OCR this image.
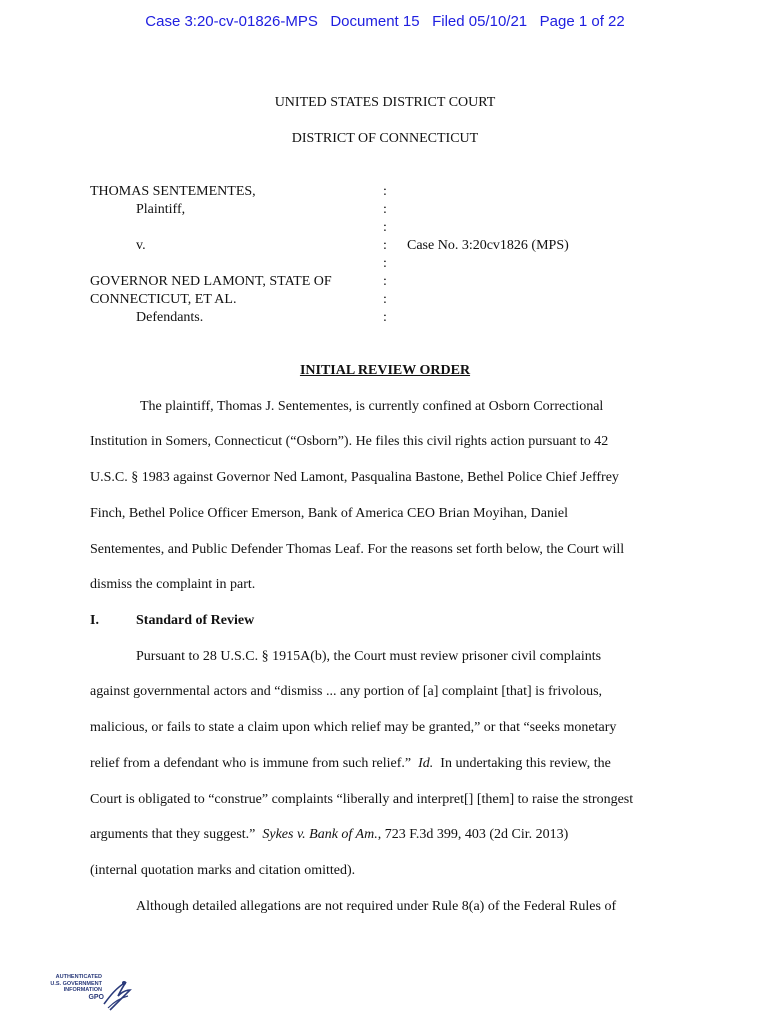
Case 3:20-cv-01826-MPS   Document 15   Filed 05/10/21   Page 1 of 22
UNITED STATES DISTRICT COURT
DISTRICT OF CONNECTICUT
THOMAS SENTEMENTES,
Plaintiff,
v.
GOVERNOR NED LAMONT, STATE OF
CONNECTICUT, ET AL.
Defendants.
:
:
:
:
:
:
:
:
Case No. 3:20cv1826 (MPS)
INITIAL REVIEW ORDER
The plaintiff, Thomas J. Sentementes, is currently confined at Osborn Correctional
Institution in Somers, Connecticut (“Osborn”). He files this civil rights action pursuant to 42
U.S.C. § 1983 against Governor Ned Lamont, Pasqualina Bastone, Bethel Police Chief Jeffrey
Finch, Bethel Police Officer Emerson, Bank of America CEO Brian Moyihan, Daniel
Sentementes, and Public Defender Thomas Leaf. For the reasons set forth below, the Court will
dismiss the complaint in part.
I.	Standard of Review
Pursuant to 28 U.S.C. § 1915A(b), the Court must review prisoner civil complaints
against governmental actors and “dismiss ... any portion of [a] complaint [that] is frivolous,
malicious, or fails to state a claim upon which relief may be granted,” or that “seeks monetary
relief from a defendant who is immune from such relief.”  Id.  In undertaking this review, the
Court is obligated to “construe” complaints “liberally and interpret[] [them] to raise the strongest
arguments that they suggest.”  Sykes v. Bank of Am., 723 F.3d 399, 403 (2d Cir. 2013)
(internal quotation marks and citation omitted).
Although detailed allegations are not required under Rule 8(a) of the Federal Rules of
AUTHENTICATED
U.S. GOVERNMENT
INFORMATION
GPO
